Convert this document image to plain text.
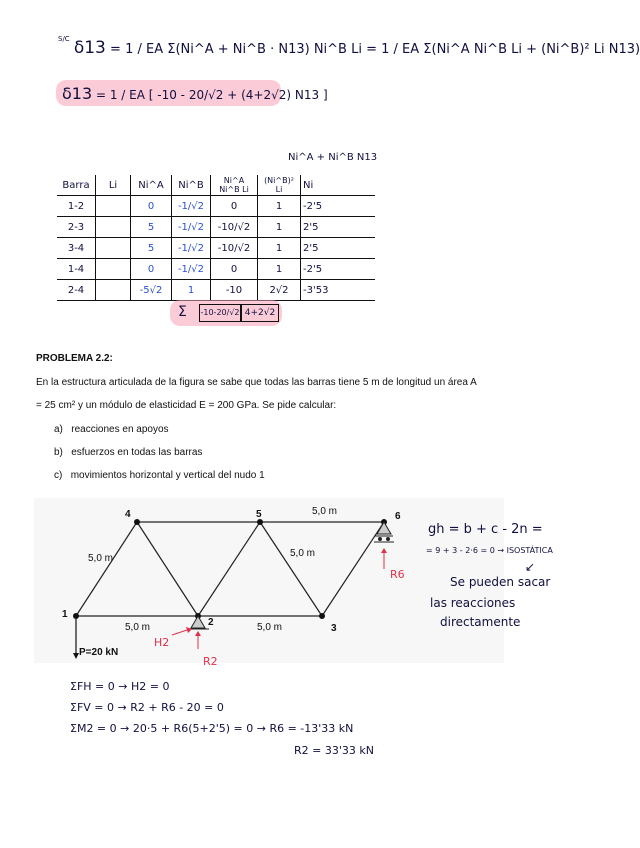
$^{S/C}$ δ13 = 1 / EA Σ(Ni^A + Ni^B · N13) Ni^B Li = 1 / EA Σ(Ni^A Ni^B Li + (Ni^B)² Li N13)
δ13 = 1 / EA [ -10 - 20/√2 + (4+2√2) N13 ]
Ni^A + Ni^B N13
Barra	Li	Ni^A	Ni^B	Ni^A Ni^B Li	(Ni^B)² Li	Ni
1-2		0	-1/√2	0	1	-2'5
2-3		5	-1/√2	-10/√2	1	2'5
3-4		5	-1/√2	-10/√2	1	2'5
1-4		0	-1/√2	0	1	-2'5
2-4		-5√2	1	-10	2√2	-3'53
Σ -10-20/√2 4+2√2
PROBLEMA 2.2:
En la estructura articulada de la figura se sabe que todas las barras tiene 5 m de longitud un área A
= 25 cm² y un módulo de elasticidad E = 200 GPa. Se pide calcular:
a) reacciones en apoyos
b) esfuerzos en todas las barras
c) movimientos horizontal y vertical del nudo 1
1
2
3
4	5	6
5,0 m
5,0 m	5,0 m
5,0 m	5,0 m
P=20 kN
H2
R2
R6
gh = b + c - 2n =
= 9 + 3 - 2·6 = 0 → ISOSTÁTICA
↙
Se pueden sacar
las reacciones
directamente
ΣFH = 0 → H2 = 0
ΣFV = 0 → R2 + R6 - 20 = 0
ΣM2 = 0 → 20·5 + R6(5+2'5) = 0 → R6 = -13'33 kN
R2 = 33'33 kN
